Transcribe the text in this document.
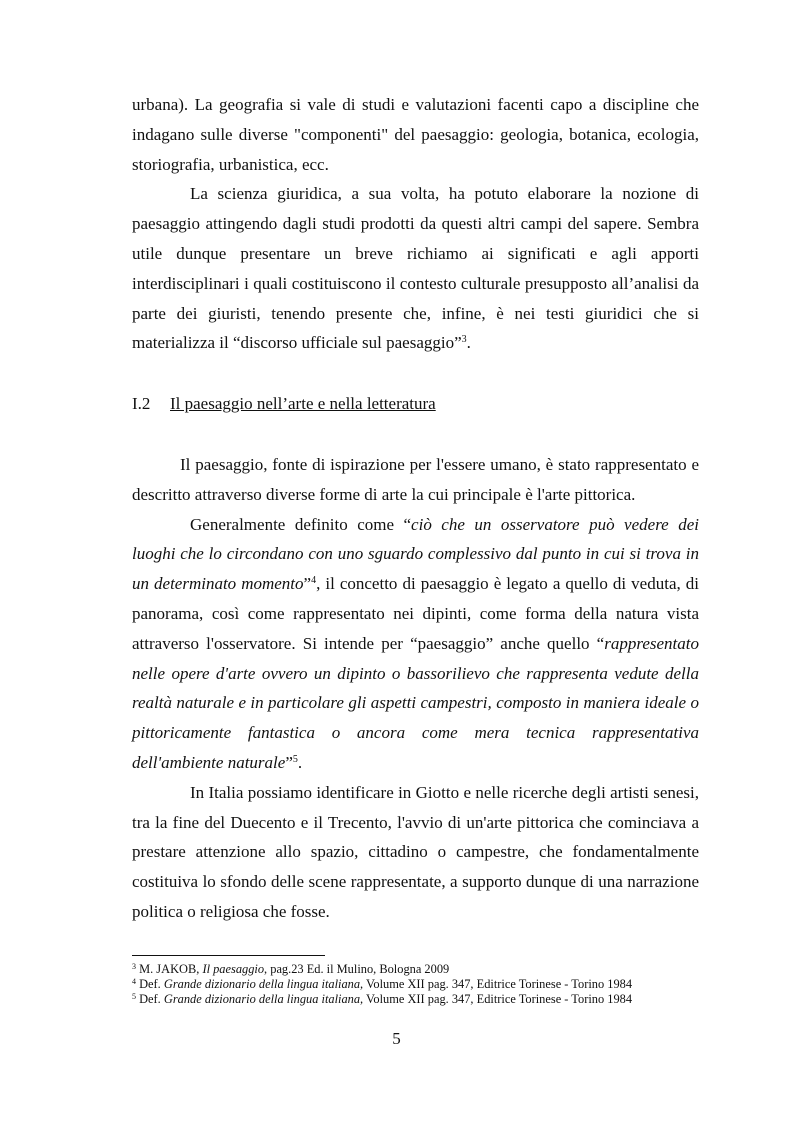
urbana). La geografia si vale di studi e valutazioni facenti capo a discipline che indagano sulle diverse "componenti" del paesaggio: geologia, botanica, ecologia, storiografia, urbanistica, ecc.

La scienza giuridica, a sua volta, ha potuto elaborare la nozione di paesaggio attingendo dagli studi prodotti da questi altri campi del sapere. Sembra utile dunque presentare un breve richiamo ai significati e agli apporti interdisciplinari i quali costituiscono il contesto culturale presupposto all’analisi da parte dei giuristi, tenendo presente che, infine, è nei testi giuridici che si materializza il “discorso ufficiale sul paesaggio”$^3$.

I.2 Il paesaggio nell’arte e nella letteratura

Il paesaggio, fonte di ispirazione per l'essere umano, è stato rappresentato e descritto attraverso diverse forme di arte la cui principale è l'arte pittorica.

Generalmente definito come “ciò che un osservatore può vedere dei luoghi che lo circondano con uno sguardo complessivo dal punto in cui si trova in un determinato momento”$^4$, il concetto di paesaggio è legato a quello di veduta, di panorama, così come rappresentato nei dipinti, come forma della natura vista attraverso l'osservatore. Si intende per “paesaggio” anche quello “rappresentato nelle opere d'arte ovvero un dipinto o bassorilievo che rappresenta vedute della realtà naturale e in particolare gli aspetti campestri, composto in maniera ideale o pittoricamente fantastica o ancora come mera tecnica rappresentativa dell'ambiente naturale”$^5$.

In Italia possiamo identificare in Giotto e nelle ricerche degli artisti senesi, tra la fine del Duecento e il Trecento, l'avvio di un'arte pittorica che cominciava a prestare attenzione allo spazio, cittadino o campestre, che fondamentalmente costituiva lo sfondo delle scene rappresentate, a supporto dunque di una narrazione politica o religiosa che fosse.

$^3$ M. JAKOB, Il paesaggio, pag.23 Ed. il Mulino, Bologna 2009
$^4$ Def. Grande dizionario della lingua italiana, Volume XII pag. 347, Editrice Torinese - Torino 1984
$^5$ Def. Grande dizionario della lingua italiana, Volume XII pag. 347, Editrice Torinese - Torino 1984
5
